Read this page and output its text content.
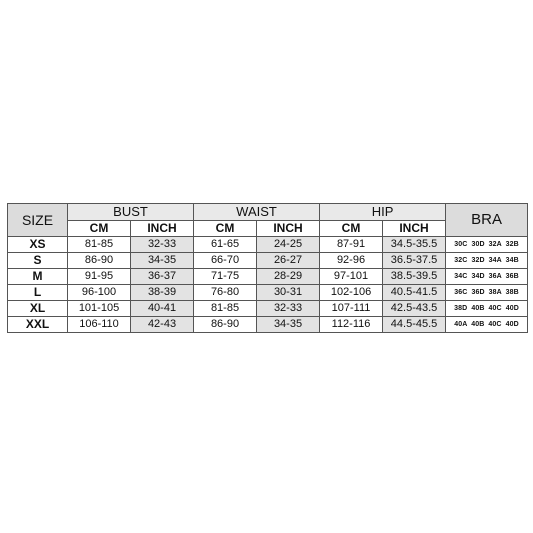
SIZE	BUST		WAIST		HIP		BRA
	CM	INCH	CM	INCH	CM	INCH	
XS	81-85	32-33	61-65	24-25	87-91	34.5-35.5	30C 30D 32A 32B
S	86-90	34-35	66-70	26-27	92-96	36.5-37.5	32C 32D 34A 34B
M	91-95	36-37	71-75	28-29	97-101	38.5-39.5	34C 34D 36A 36B
L	96-100	38-39	76-80	30-31	102-106	40.5-41.5	36C 36D 38A 38B
XL	101-105	40-41	81-85	32-33	107-111	42.5-43.5	38D 40B 40C 40D
XXL	106-110	42-43	86-90	34-35	112-116	44.5-45.5	40A 40B 40C 40D
